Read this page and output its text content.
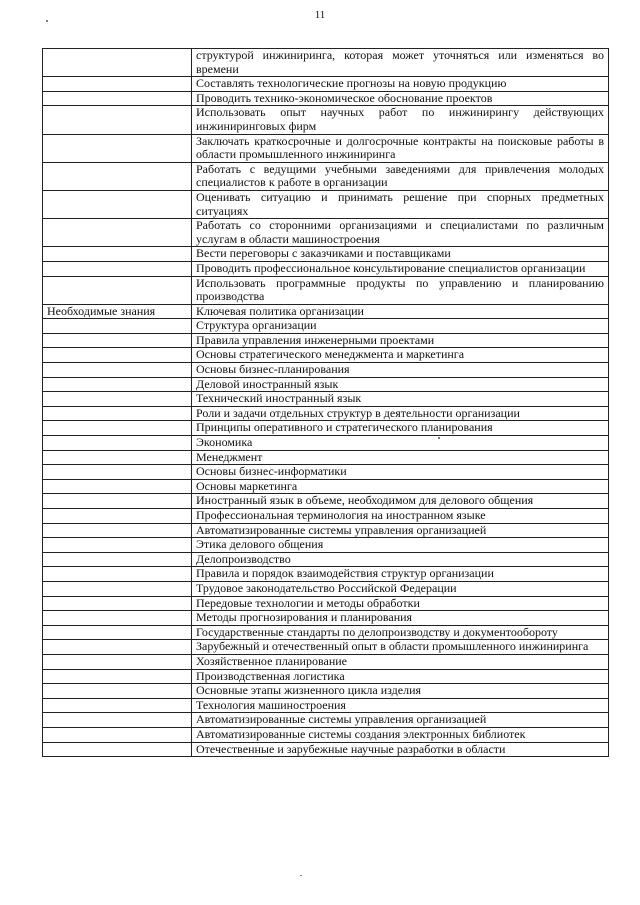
11
	структурой инжиниринга, которая может уточняться или изменяться во времени
	Составлять технологические прогнозы на новую продукцию
	Проводить технико-экономическое обоснование проектов
	Использовать опыт научных работ по инжинирингу действующих инжиниринговых фирм
	Заключать краткосрочные и долгосрочные контракты на поисковые работы в области промышленного инжиниринга
	Работать с ведущими учебными заведениями для привлечения молодых специалистов к работе в организации
	Оценивать ситуацию и принимать решение при спорных предметных ситуациях
	Работать со сторонними организациями и специалистами по различным услугам в области машиностроения
	Вести переговоры с заказчиками и поставщиками
	Проводить профессиональное консультирование специалистов организации
	Использовать программные продукты по управлению и планированию производства
Необходимые знания	Ключевая политика организации
	Структура организации
	Правила управления инженерными проектами
	Основы стратегического менеджмента и маркетинга
	Основы бизнес-планирования
	Деловой иностранный язык
	Технический иностранный язык
	Роли и задачи отдельных структур в деятельности организации
	Принципы оперативного и стратегического планирования
	Экономика
	Менеджмент
	Основы бизнес-информатики
	Основы маркетинга
	Иностранный язык в объеме, необходимом для делового общения
	Профессиональная терминология на иностранном языке
	Автоматизированные системы управления организацией
	Этика делового общения
	Делопроизводство
	Правила и порядок взаимодействия структур организации
	Трудовое законодательство Российской Федерации
	Передовые технологии и методы обработки
	Методы прогнозирования и планирования
	Государственные стандарты по делопроизводству и документообороту
	Зарубежный и отечественный опыт в области промышленного инжиниринга
	Хозяйственное планирование
	Производственная логистика
	Основные этапы жизненного цикла изделия
	Технология машиностроения
	Автоматизированные системы управления организацией
	Автоматизированные системы создания электронных библиотек
	Отечественные и зарубежные научные разработки в области
